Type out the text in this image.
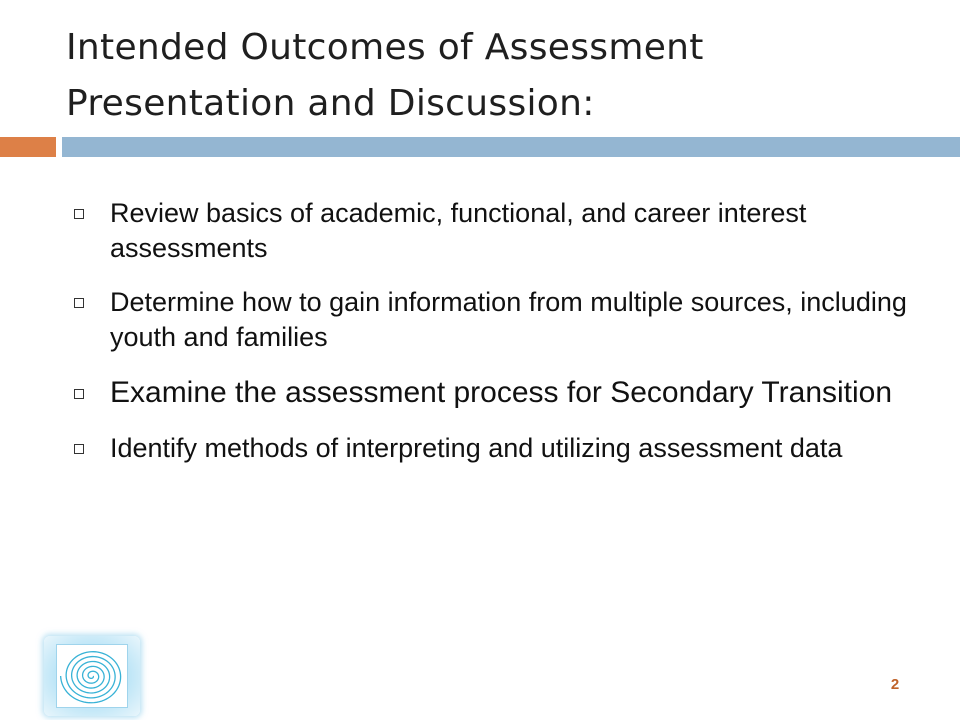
Intended Outcomes of Assessment
Presentation and Discussion:
Review basics of academic, functional, and career interest assessments
Determine how to gain information from multiple sources, including youth and families
Examine the assessment process for Secondary Transition
Identify methods of interpreting and utilizing assessment data
2
